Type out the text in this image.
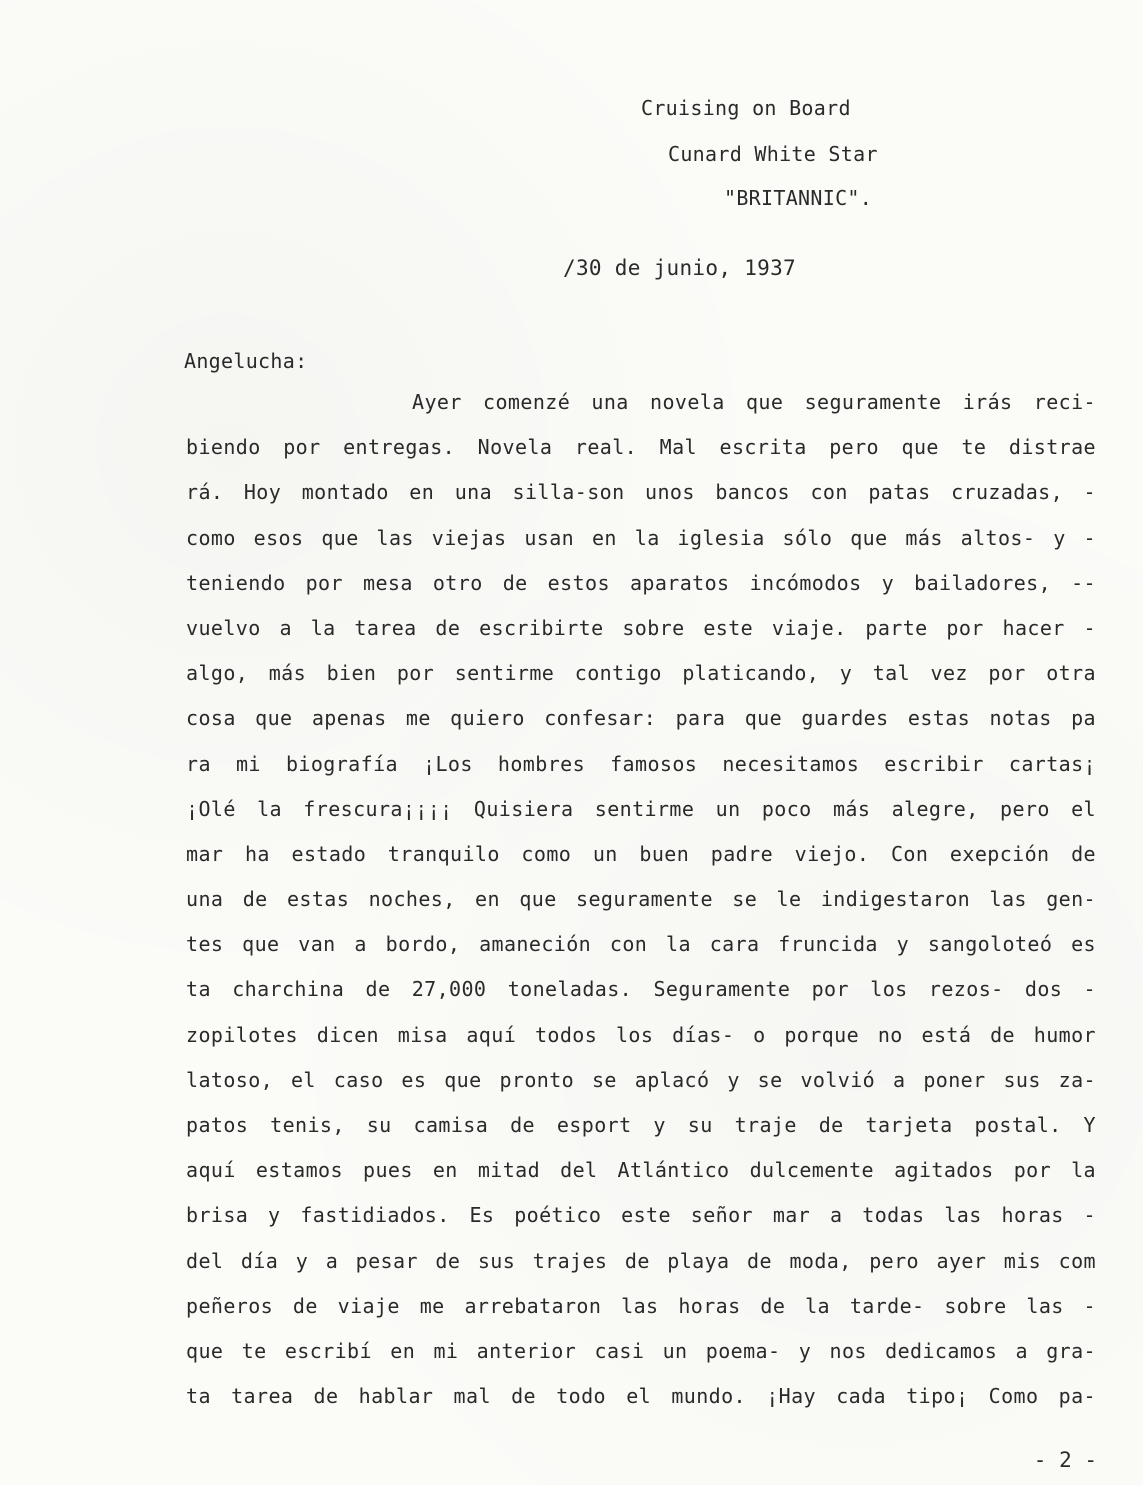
Cruising on Board
Cunard White Star
"BRITANNIC".
/30 de junio, 1937
Angelucha:
Ayer comenzé una novela que seguramente irás reci-
biendo por entregas. Novela real. Mal escrita pero que te distrae
rá. Hoy montado en una silla-son unos bancos con patas cruzadas, -
como esos que las viejas usan en la iglesia sólo que más altos- y -
teniendo por mesa otro de estos aparatos incómodos y bailadores, --
vuelvo a la tarea de escribirte sobre este viaje. parte por hacer -
algo, más bien por sentirme contigo platicando, y tal vez por otra
cosa que apenas me quiero confesar: para que guardes estas notas pa
ra mi biografía ¡Los hombres famosos necesitamos escribir cartas¡
¡Olé la frescura¡¡¡¡ Quisiera sentirme un poco más alegre, pero el
mar ha estado tranquilo como un buen padre viejo. Con exepción de
una de estas noches, en que seguramente se le indigestaron las gen-
tes que van a bordo, amaneción con la cara fruncida y sangoloteó es
ta charchina de 27,000 toneladas. Seguramente por los rezos- dos -
zopilotes dicen misa aquí todos los días- o porque no está de humor
latoso, el caso es que pronto se aplacó y se volvió a poner sus za-
patos tenis, su camisa de esport y su traje de tarjeta postal. Y
aquí estamos pues en mitad del Atlántico dulcemente agitados por la
brisa y fastidiados. Es poético este señor mar a todas las horas -
del día y a pesar de sus trajes de playa de moda, pero ayer mis com
peñeros de viaje me arrebataron las horas de la tarde- sobre las -
que te escribí en mi anterior casi un poema- y nos dedicamos a gra-
ta tarea de hablar mal de todo el mundo. ¡Hay cada tipo¡ Como pa-
- 2 -
